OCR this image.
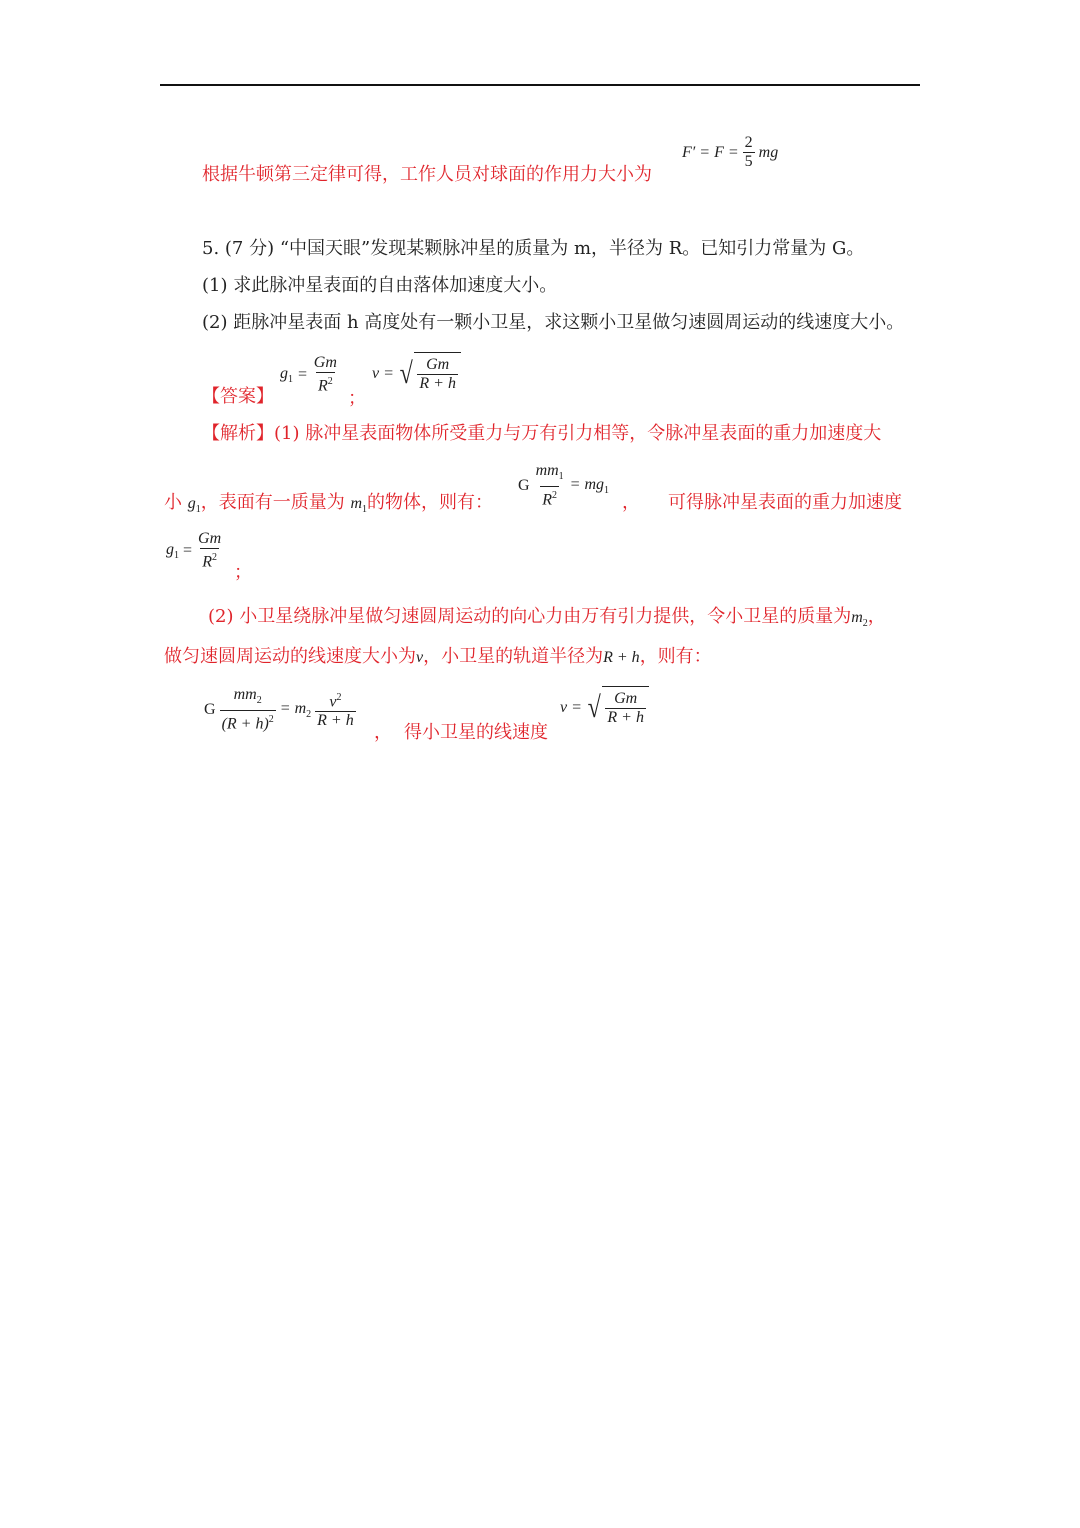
根据牛顿第三定律可得，工作人员对球面的作用力大小为
$F' = F = \frac{2}{5}$ mg
5. (7 分) “中国天眼”发现某颗脉冲星的质量为 m，半径为 R。已知引力常量为 G。
(1) 求此脉冲星表面的自由落体加速度大小。
(2) 距脉冲星表面 h 高度处有一颗小卫星，求这颗小卫星做匀速圆周运动的线速度大小。
【答案】
$g_1 = \frac{Gm}{R^2}$
；
v = √ $\frac{Gm}{R + h}$
【解析】(1) 脉冲星表面物体所受重力与万有引力相等，令脉冲星表面的重力加速度大
小 $g_1$，表面有一质量为 $m_1$的物体，则有：
G $\frac{mm_1}{R^2} = mg_1$
， 可得脉冲星表面的重力加速度
$g_1 = \frac{Gm}{R^2}$
；
(2) 小卫星绕脉冲星做匀速圆周运动的向心力由万有引力提供，令小卫星的质量为$m_2$，
做匀速圆周运动的线速度大小为v，小卫星的轨道半径为R + h，则有：
G $\frac{mm_2}{(R + h)^2} = m_2 \frac{v^2}{R + h}$
， 得小卫星的线速度
v = √ $\frac{Gm}{R + h}$
